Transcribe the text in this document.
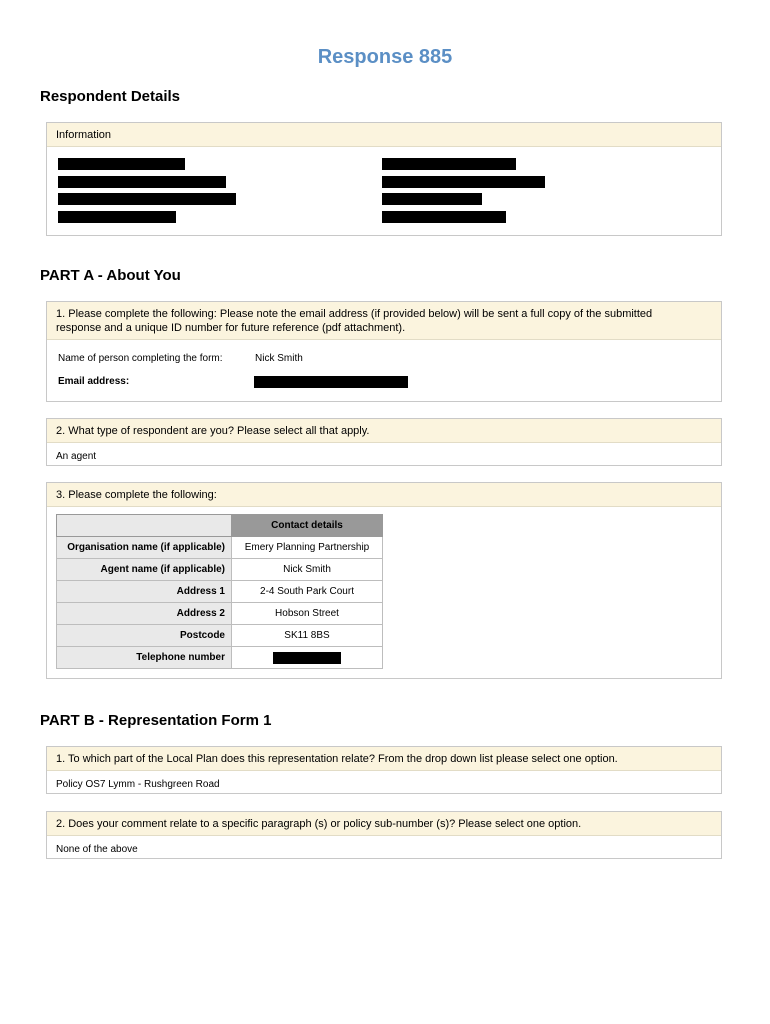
Response 885
Respondent Details
Information
PART A - About You
1. Please complete the following: Please note the email address (if provided below) will be sent a full copy of the submitted response and a unique ID number for future reference (pdf attachment).
Name of person completing the form:	Nick Smith
Email address:
2. What type of respondent are you? Please select all that apply.
An agent
3. Please complete the following:
	Contact details
Organisation name (if applicable)	Emery Planning Partnership
Agent name (if applicable)	Nick Smith
Address 1	2-4 South Park Court
Address 2	Hobson Street
Postcode	SK11 8BS
Telephone number	
PART B - Representation Form 1
1. To which part of the Local Plan does this representation relate? From the drop down list please select one option.
Policy OS7 Lymm - Rushgreen Road
2. Does your comment relate to a specific paragraph (s) or policy sub-number (s)? Please select one option.
None of the above
